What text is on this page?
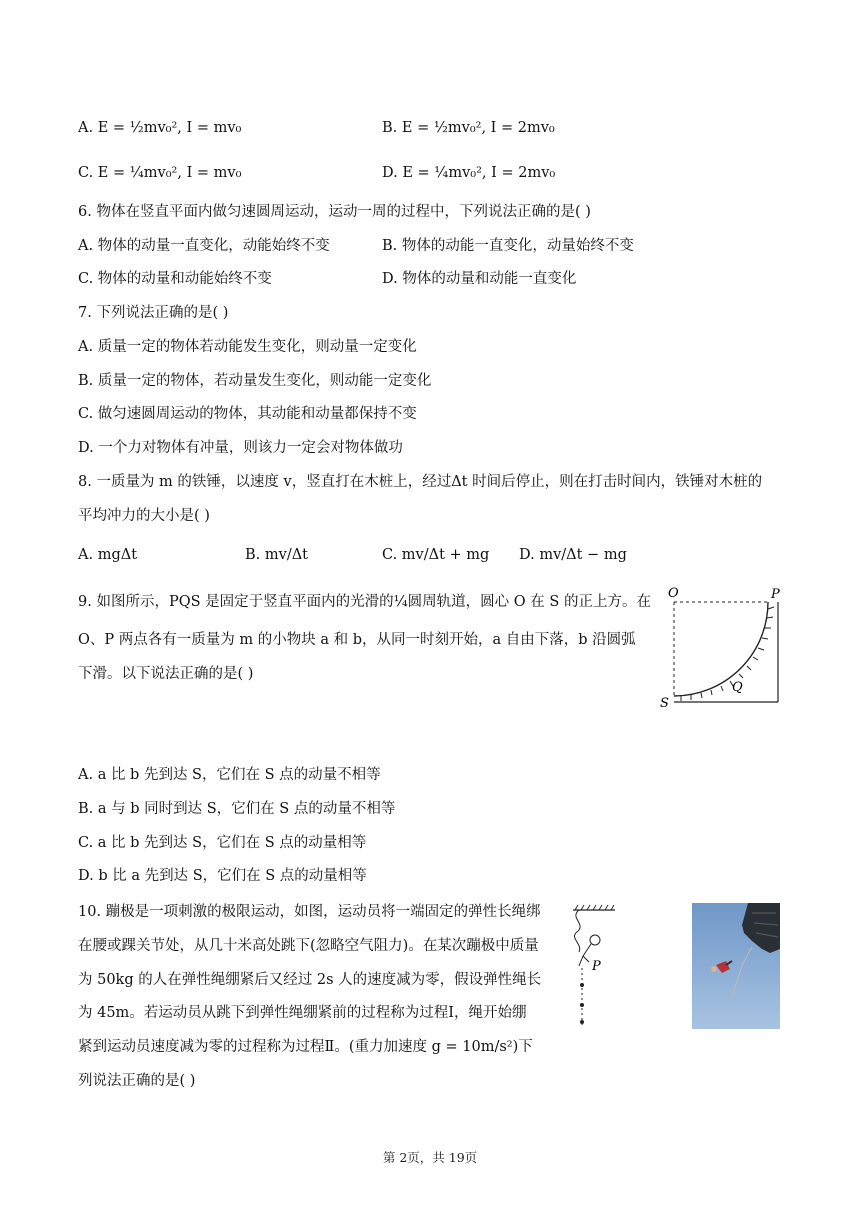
A. E = ½mv₀², I = mv₀	B. E = ½mv₀², I = 2mv₀
C. E = ¼mv₀², I = mv₀	D. E = ¼mv₀², I = 2mv₀
6. 物体在竖直平面内做匀速圆周运动，运动一周的过程中，下列说法正确的是( )
A. 物体的动量一直变化，动能始终不变	B. 物体的动能一直变化，动量始终不变
C. 物体的动量和动能始终不变	D. 物体的动量和动能一直变化
7. 下列说法正确的是( )
A. 质量一定的物体若动能发生变化，则动量一定变化
B. 质量一定的物体，若动量发生变化，则动能一定变化
C. 做匀速圆周运动的物体，其动能和动量都保持不变
D. 一个力对物体有冲量，则该力一定会对物体做功
8. 一质量为 m 的铁锤，以速度 v，竖直打在木桩上，经过Δt 时间后停止，则在打击时间内，铁锤对木桩的
平均冲力的大小是( )
A. mgΔt	B. mv/Δt	C. mv/Δt + mg D. mv/Δt − mg
9. 如图所示，PQS 是固定于竖直平面内的光滑的¼圆周轨道，圆心 O 在 S 的正上方。在
O、P 两点各有一质量为 m 的小物块 a 和 b，从同一时刻开始，a 自由下落，b 沿圆弧
下滑。以下说法正确的是( )
O	P
Q
S
A. a 比 b 先到达 S，它们在 S 点的动量不相等
B. a 与 b 同时到达 S，它们在 S 点的动量不相等
C. a 比 b 先到达 S，它们在 S 点的动量相等
D. b 比 a 先到达 S，它们在 S 点的动量相等
10. 蹦极是一项刺激的极限运动，如图，运动员将一端固定的弹性长绳绑
在腰或踝关节处，从几十米高处跳下(忽略空气阻力)。在某次蹦极中质量
为 50kg 的人在弹性绳绷紧后又经过 2s 人的速度减为零，假设弹性绳长
为 45m。若运动员从跳下到弹性绳绷紧前的过程称为过程Ⅰ，绳开始绷
紧到运动员速度减为零的过程称为过程Ⅱ。(重力加速度 g = 10m/s²)下
列说法正确的是( )
P
第 2页，共 19页
